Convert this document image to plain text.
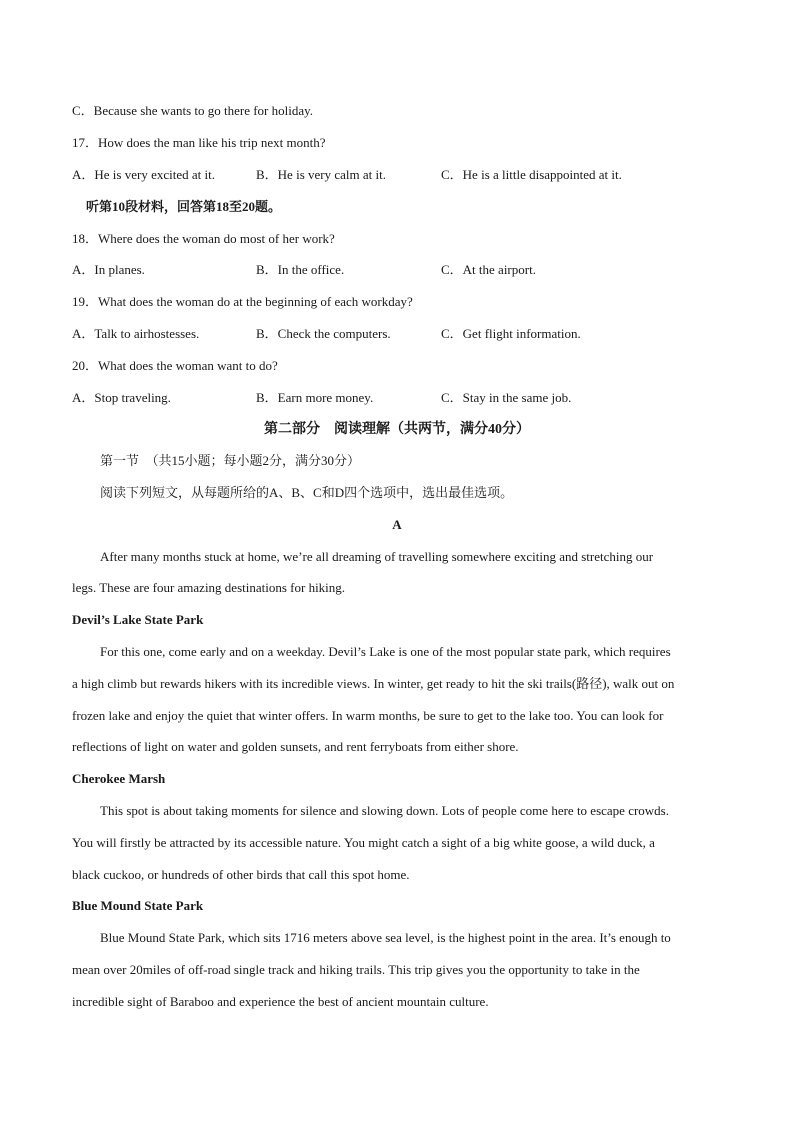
C．Because she wants to go there for holiday.
17．How does the man like his trip next month?
A．He is very excited at it.	B．He is very calm at it.	C．He is a little disappointed at it.
听第10段材料，回答第18至20题。
18．Where does the woman do most of her work?
A．In planes.	B．In the office.	C．At the airport.
19．What does the woman do at the beginning of each workday?
A．Talk to airhostesses.	B．Check the computers.	C．Get flight information.
20．What does the woman want to do?
A．Stop traveling.	B．Earn more money.	C．Stay in the same job.
第二部分　阅读理解（共两节，满分40分）
第一节　（共15小题；每小题2分，满分30分）
阅读下列短文，从每题所给的A、B、C和D四个选项中，选出最佳选项。
A
After many months stuck at home, we’re all dreaming of travelling somewhere exciting and stretching our
legs. These are four amazing destinations for hiking.
Devil’s Lake State Park
For this one, come early and on a weekday. Devil’s Lake is one of the most popular state park, which requires
a high climb but rewards hikers with its incredible views. In winter, get ready to hit the ski trails(路径), walk out on
frozen lake and enjoy the quiet that winter offers. In warm months, be sure to get to the lake too. You can look for
reflections of light on water and golden sunsets, and rent ferryboats from either shore.
Cherokee Marsh
This spot is about taking moments for silence and slowing down. Lots of people come here to escape crowds.
You will firstly be attracted by its accessible nature. You might catch a sight of a big white goose, a wild duck, a
black cuckoo, or hundreds of other birds that call this spot home.
Blue Mound State Park
Blue Mound State Park, which sits 1716 meters above sea level, is the highest point in the area. It’s enough to
mean over 20miles of off-road single track and hiking trails. This trip gives you the opportunity to take in the
incredible sight of Baraboo and experience the best of ancient mountain culture.
